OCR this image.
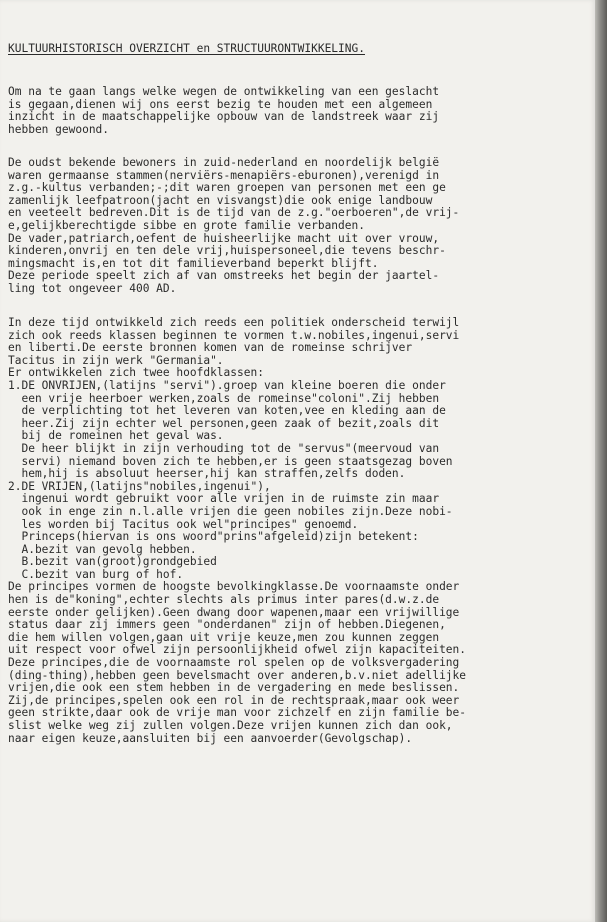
KULTUURHISTORISCH OVERZICHT en STRUCTUURONTWIKKELING.

Om na te gaan langs welke wegen de ontwikkeling van een geslacht
is gegaan,dienen wij ons eerst bezig te houden met een algemeen
inzicht in de maatschappelijke opbouw van de landstreek waar zij
hebben gewoond.

De oudst bekende bewoners in zuid-nederland en noordelijk belgië
waren germaanse stammen(nerviërs-menapiërs-eburonen),verenigd in
z.g.-kultus verbanden;-;dit waren groepen van personen met een ge
zamenlijk leefpatroon(jacht en visvangst)die ook enige landbouw
en veeteelt bedreven.Dit is de tijd van de z.g."oerboeren",de vrij-
e,gelijkberechtigde sibbe en grote familie verbanden.
De vader,patriarch,oefent de huisheerlijke macht uit over vrouw,
kinderen,onvrij en ten dele vrij,huispersoneel,die tevens beschr-
mingsmacht is,en tot dit familieverband beperkt blijft.
Deze periode speelt zich af van omstreeks het begin der jaartel-
ling tot ongeveer 400 AD.

In deze tijd ontwikkeld zich reeds een politiek onderscheid terwijl
zich ook reeds klassen beginnen te vormen t.w.nobiles,ingenui,servi
en liberti.De eerste bronnen komen van de romeinse schrijver
Tacitus in zijn werk "Germania".
Er ontwikkelen zich twee hoofdklassen:
1.DE ONVRIJEN,(latijns "servi").groep van kleine boeren die onder
een vrije heerboer werken,zoals de romeinse"coloni".Zij hebben
de verplichting tot het leveren van koten,vee en kleding aan de
heer.Zij zijn echter wel personen,geen zaak of bezit,zoals dit
bij de romeinen het geval was.
De heer blijkt in zijn verhouding tot de "servus"(meervoud van
servi) niemand boven zich te hebben,er is geen staatsgezag boven
hem,hij is absoluut heerser,hij kan straffen,zelfs doden.
2.DE VRIJEN,(latijns"nobiles,ingenui"),
ingenui wordt gebruikt voor alle vrijen in de ruimste zin maar
ook in enge zin n.l.alle vrijen die geen nobiles zijn.Deze nobi-
les worden bij Tacitus ook wel"principes" genoemd.
Princeps(hiervan is ons woord"prins"afgeleid)zijn betekent:
A.bezit van gevolg hebben.
B.bezit van(groot)grondgebied
C.bezit van burg of hof.
De principes vormen de hoogste bevolkingklasse.De voornaamste onder
hen is de"koning",echter slechts als primus inter pares(d.w.z.de
eerste onder gelijken).Geen dwang door wapenen,maar een vrijwillige
status daar zij immers geen "onderdanen" zijn of hebben.Diegenen,
die hem willen volgen,gaan uit vrije keuze,men zou kunnen zeggen
uit respect voor ofwel zijn persoonlijkheid ofwel zijn kapaciteiten.
Deze principes,die de voornaamste rol spelen op de volksvergadering
(ding-thing),hebben geen bevelsmacht over anderen,b.v.niet adellijke
vrijen,die ook een stem hebben in de vergadering en mede beslissen.
Zij,de principes,spelen ook een rol in de rechtspraak,maar ook weer
geen strikte,daar ook de vrije man voor zichzelf en zijn familie be-
slist welke weg zij zullen volgen.Deze vrijen kunnen zich dan ook,
naar eigen keuze,aansluiten bij een aanvoerder(Gevolgschap).
